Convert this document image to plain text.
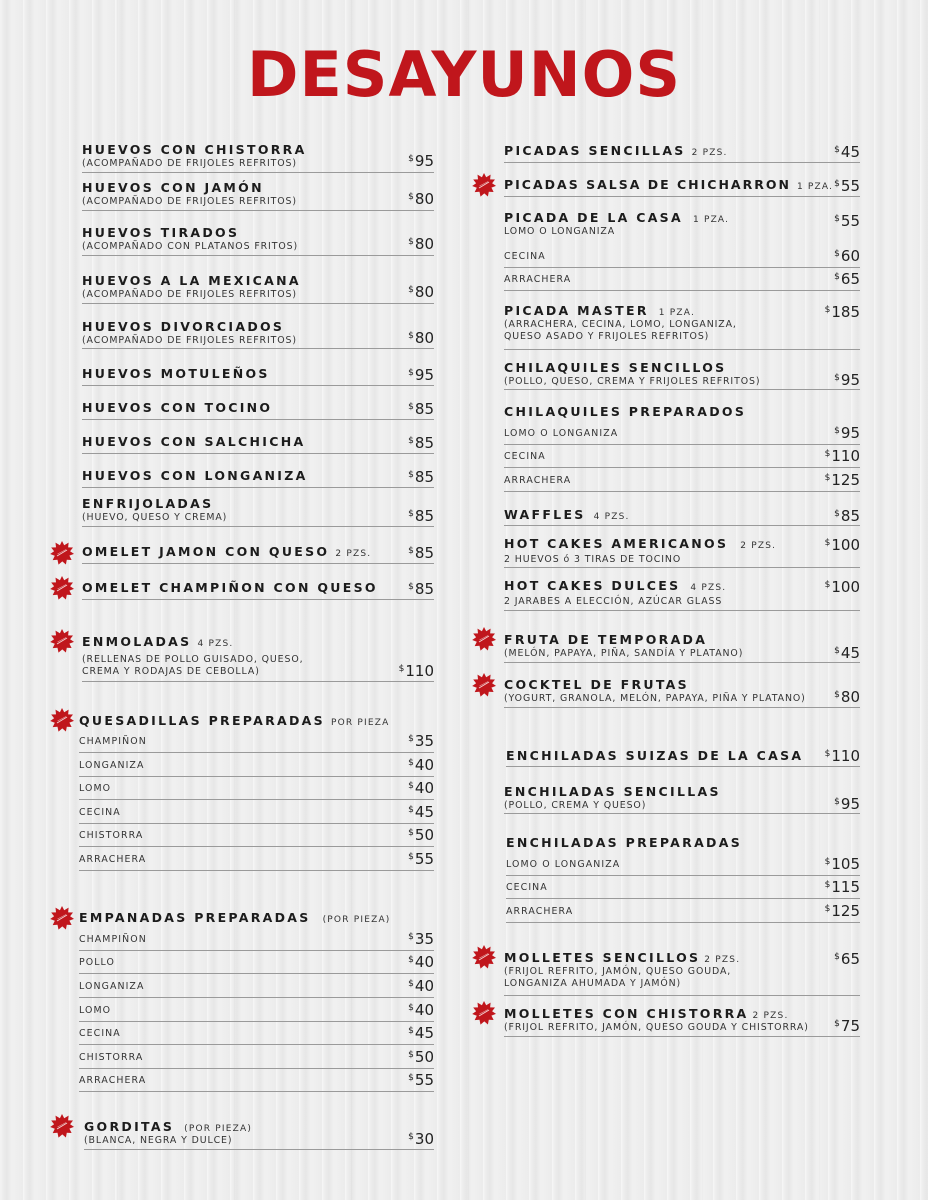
DESAYUNOS
HUEVOS CON CHISTORRA
(ACOMPAÑADO DE FRIJOLES REFRITOS)	$95
HUEVOS CON JAMÓN
(ACOMPAÑADO DE FRIJOLES REFRITOS)	$80
HUEVOS TIRADOS
(ACOMPAÑADO CON PLATANOS FRITOS)	$80
HUEVOS A LA MEXICANA
(ACOMPAÑADO DE FRIJOLES REFRITOS)	$80
HUEVOS DIVORCIADOS
(ACOMPAÑADO DE FRIJOLES REFRITOS)	$80
HUEVOS MOTULEÑOS	$95
HUEVOS CON TOCINO	$85
HUEVOS CON SALCHICHA	$85
HUEVOS CON LONGANIZA	$85
ENFRIJOLADAS
(HUEVO, QUESO Y CREMA)	$85
OMELET JAMON CON QUESO 2 PZS.	$85
OMELET CHAMPIÑON CON QUESO	$85
ENMOLADAS 4 PZS.
(RELLENAS DE POLLO GUISADO, QUESO,
CREMA Y RODAJAS DE CEBOLLA)	$110
QUESADILLAS PREPARADAS POR PIEZA
CHAMPIÑON	$35
LONGANIZA	$40
LOMO	$40
CECINA	$45
CHISTORRA	$50
ARRACHERA	$55
EMPANADAS PREPARADAS (POR PIEZA)
CHAMPIÑON	$35
POLLO	$40
LONGANIZA	$40
LOMO	$40
CECINA	$45
CHISTORRA	$50
ARRACHERA	$55
GORDITAS (POR PIEZA)
(BLANCA, NEGRA Y DULCE)	$30
PICADAS SENCILLAS 2 PZS.	$45
PICADAS SALSA DE CHICHARRON 1 PZA. $55
PICADA DE LA CASA 1 PZA.
LOMO O LONGANIZA
$55
CECINA	$60
ARRACHERA	$65
PICADA MASTER 1 PZA.
(ARRACHERA, CECINA, LOMO, LONGANIZA,
QUESO ASADO Y FRIJOLES REFRITOS)
$185
CHILAQUILES SENCILLOS
(POLLO, QUESO, CREMA Y FRIJOLES REFRITOS)	$95
CHILAQUILES PREPARADOS
LOMO O LONGANIZA	$95
CECINA	$110
ARRACHERA	$125
WAFFLES 4 PZS.	$85
HOT CAKES AMERICANOS 2 PZS.
2 HUEVOS ó 3 TIRAS DE TOCINO
$100
HOT CAKES DULCES 4 PZS.
2 JARABES A ELECCIÓN, AZÚCAR GLASS
$100
FRUTA DE TEMPORADA
(MELÓN, PAPAYA, PIÑA, SANDÍA Y PLATANO)	$45
COCKTEL DE FRUTAS
(YOGURT, GRANOLA, MELÓN, PAPAYA, PIÑA Y PLATANO)	$80
ENCHILADAS SUIZAS DE LA CASA $110
ENCHILADAS SENCILLAS
(POLLO, CREMA Y QUESO)	$95
ENCHILADAS PREPARADAS
LOMO O LONGANIZA	$105
CECINA	$115
ARRACHERA	$125
MOLLETES SENCILLOS 2 PZS.
(FRIJOL REFRITO, JAMÓN, QUESO GOUDA,
LONGANIZA AHUMADA Y JAMÓN)
$65
MOLLETES CON CHISTORRA 2 PZS.
(FRIJOL REFRITO, JAMÓN, QUESO GOUDA Y CHISTORRA)	$75
